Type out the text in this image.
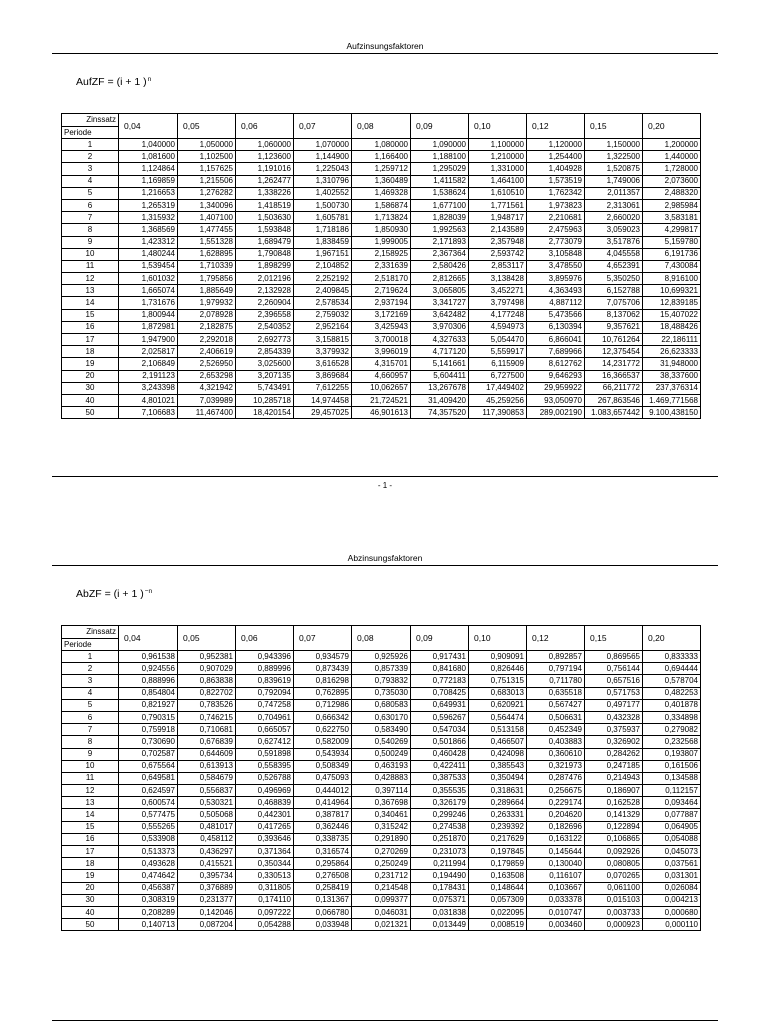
Aufzinsungsfaktoren
AufZF = (i + 1 )$^n$
Zinssatz
Periode	0,04	0,05	0,06	0,07	0,08	0,09	0,10	0,12	0,15	0,20
1	1,040000	1,050000	1,060000	1,070000	1,080000	1,090000	1,100000	1,120000	1,150000	1,200000
2	1,081600	1,102500	1,123600	1,144900	1,166400	1,188100	1,210000	1,254400	1,322500	1,440000
3	1,124864	1,157625	1,191016	1,225043	1,259712	1,295029	1,331000	1,404928	1,520875	1,728000
4	1,169859	1,215506	1,262477	1,310796	1,360489	1,411582	1,464100	1,573519	1,749006	2,073600
5	1,216653	1,276282	1,338226	1,402552	1,469328	1,538624	1,610510	1,762342	2,011357	2,488320
6	1,265319	1,340096	1,418519	1,500730	1,586874	1,677100	1,771561	1,973823	2,313061	2,985984
7	1,315932	1,407100	1,503630	1,605781	1,713824	1,828039	1,948717	2,210681	2,660020	3,583181
8	1,368569	1,477455	1,593848	1,718186	1,850930	1,992563	2,143589	2,475963	3,059023	4,299817
9	1,423312	1,551328	1,689479	1,838459	1,999005	2,171893	2,357948	2,773079	3,517876	5,159780
10	1,480244	1,628895	1,790848	1,967151	2,158925	2,367364	2,593742	3,105848	4,045558	6,191736
11	1,539454	1,710339	1,898299	2,104852	2,331639	2,580426	2,853117	3,478550	4,652391	7,430084
12	1,601032	1,795856	2,012196	2,252192	2,518170	2,812665	3,138428	3,895976	5,350250	8,916100
13	1,665074	1,885649	2,132928	2,409845	2,719624	3,065805	3,452271	4,363493	6,152788	10,699321
14	1,731676	1,979932	2,260904	2,578534	2,937194	3,341727	3,797498	4,887112	7,075706	12,839185
15	1,800944	2,078928	2,396558	2,759032	3,172169	3,642482	4,177248	5,473566	8,137062	15,407022
16	1,872981	2,182875	2,540352	2,952164	3,425943	3,970306	4,594973	6,130394	9,357621	18,488426
17	1,947900	2,292018	2,692773	3,158815	3,700018	4,327633	5,054470	6,866041	10,761264	22,186111
18	2,025817	2,406619	2,854339	3,379932	3,996019	4,717120	5,559917	7,689966	12,375454	26,623333
19	2,106849	2,526950	3,025600	3,616528	4,315701	5,141661	6,115909	8,612762	14,231772	31,948000
20	2,191123	2,653298	3,207135	3,869684	4,660957	5,604411	6,727500	9,646293	16,366537	38,337600
30	3,243398	4,321942	5,743491	7,612255	10,062657	13,267678	17,449402	29,959922	66,211772	237,376314
40	4,801021	7,039989	10,285718	14,974458	21,724521	31,409420	45,259256	93,050970	267,863546	1.469,771568
50	7,106683	11,467400	18,420154	29,457025	46,901613	74,357520	117,390853	289,002190	1.083,657442	9.100,438150
- 1 -
Abzinsungsfaktoren
AbZF = (i + 1 )$^{-n}$
Zinssatz
Periode	0,04	0,05	0,06	0,07	0,08	0,09	0,10	0,12	0,15	0,20
1	0,961538	0,952381	0,943396	0,934579	0,925926	0,917431	0,909091	0,892857	0,869565	0,833333
2	0,924556	0,907029	0,889996	0,873439	0,857339	0,841680	0,826446	0,797194	0,756144	0,694444
3	0,888996	0,863838	0,839619	0,816298	0,793832	0,772183	0,751315	0,711780	0,657516	0,578704
4	0,854804	0,822702	0,792094	0,762895	0,735030	0,708425	0,683013	0,635518	0,571753	0,482253
5	0,821927	0,783526	0,747258	0,712986	0,680583	0,649931	0,620921	0,567427	0,497177	0,401878
6	0,790315	0,746215	0,704961	0,666342	0,630170	0,596267	0,564474	0,506631	0,432328	0,334898
7	0,759918	0,710681	0,665057	0,622750	0,583490	0,547034	0,513158	0,452349	0,375937	0,279082
8	0,730690	0,676839	0,627412	0,582009	0,540269	0,501866	0,466507	0,403883	0,326902	0,232568
9	0,702587	0,644609	0,591898	0,543934	0,500249	0,460428	0,424098	0,360610	0,284262	0,193807
10	0,675564	0,613913	0,558395	0,508349	0,463193	0,422411	0,385543	0,321973	0,247185	0,161506
11	0,649581	0,584679	0,526788	0,475093	0,428883	0,387533	0,350494	0,287476	0,214943	0,134588
12	0,624597	0,556837	0,496969	0,444012	0,397114	0,355535	0,318631	0,256675	0,186907	0,112157
13	0,600574	0,530321	0,468839	0,414964	0,367698	0,326179	0,289664	0,229174	0,162528	0,093464
14	0,577475	0,505068	0,442301	0,387817	0,340461	0,299246	0,263331	0,204620	0,141329	0,077887
15	0,555265	0,481017	0,417265	0,362446	0,315242	0,274538	0,239392	0,182696	0,122894	0,064905
16	0,533908	0,458112	0,393646	0,338735	0,291890	0,251870	0,217629	0,163122	0,106865	0,054088
17	0,513373	0,436297	0,371364	0,316574	0,270269	0,231073	0,197845	0,145644	0,092926	0,045073
18	0,493628	0,415521	0,350344	0,295864	0,250249	0,211994	0,179859	0,130040	0,080805	0,037561
19	0,474642	0,395734	0,330513	0,276508	0,231712	0,194490	0,163508	0,116107	0,070265	0,031301
20	0,456387	0,376889	0,311805	0,258419	0,214548	0,178431	0,148644	0,103667	0,061100	0,026084
30	0,308319	0,231377	0,174110	0,131367	0,099377	0,075371	0,057309	0,033378	0,015103	0,004213
40	0,208289	0,142046	0,097222	0,066780	0,046031	0,031838	0,022095	0,010747	0,003733	0,000680
50	0,140713	0,087204	0,054288	0,033948	0,021321	0,013449	0,008519	0,003460	0,000923	0,000110
